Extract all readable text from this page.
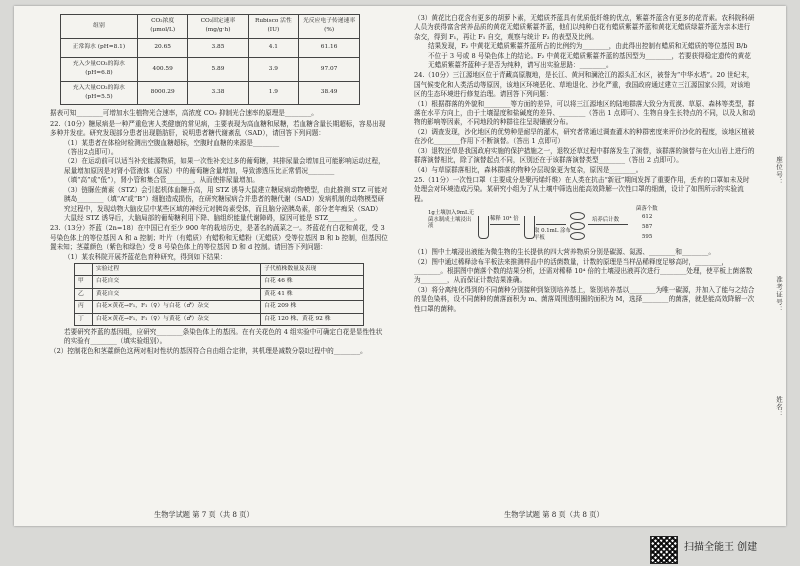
组别	CO₂浓度 (μmol/L)	CO₂固定速率 (mg/g·h)	Rubisco 活性 (IU)	光反应电子传递速率 (%)
正常海水 (pH=8.1)	20.65	3.85	4.1	61.16
充入少量CO₂的海水 (pH=6.8)	400.59	5.89	3.9	97.07
充入大量CO₂的海水 (pH=5.5)	8000.29	3.38	1.9	38.49
据表可知________可增加水生植物光合速率，高浓度 CO₂ 抑制光合速率的原理是________。

22.（10分）糖尿病是一种严重危害人类健康的常见病，主要表现为高血糖和尿糖，若血糖含量长期超标，容易出现多种并发症。研究发现部分患者出现脂肪肝，说明患者糖代谢紊乱（SAD），请回答下列问题：

（1）某患者在体检时检测出空腹血糖超标，空腹时血糖的来源是________

（答出2点即可）。

（2）在运动前可以适当补充能源物质，如果一次性补充过多的葡萄糖，其排尿量会增加且可能影响运动过程，尿量增加原因是对肾小管液体（原尿）中的葡萄糖含量增加，导致渗透压比正常情况________（填“高”或“低”），肾小管和集合管________，从而使排尿量增加。

（3）链脲佐菌素（STZ）会引起机体血糖升高，用 STZ 诱导大鼠建立糖尿病动物模型，由此推测 STZ 可能对胰岛________（填“A”或“B”）细胞造成损伤，在研究糖尿病合并患者的糖代谢（SAD）发病机制的动物模型研究过程中，发现动物大脑皮层中某些区域的神经元对胰岛素受体，而且脑分泌胰岛素，部分老年痴呆（SAD）大鼠经 STZ 诱导后，大脑局部的葡萄糖利用下降、脑组织能量代谢障碍，原因可能是 STZ________。

23.（13分）芥蓝（2n=18）在中国已有至少 900 年的栽培历史，是著名的蔬菜之一。芥蓝花有白花和黄花，受 3 号染色体上的等位基因 A 和 a 控制；叶片（有蜡质）有蜡粉和无蜡粉（无蜡质）受等位基因 B 和 b 控制，但基因位置未知；茎薹颜色（紫色和绿色）受 8 号染色体上的等位基因 D 和 d 控制。请回答下列问题：

（1）某农科院开展芥蓝花色育种研究，得到如下结果：

	实验过程	子代植株数量及表现
甲	白花自交	白花 46 株
乙	黄花自交	黄花 41 株
丙	白花×黄花→F₁，F₁（♀）与白花（♂）杂交	白花 209 株
丁	白花×黄花→F₁，F₁（♀）与黄花（♂）杂交	白花 120 株、黄花 92 株

若要研究芥蓝的基因组，应研究________条染色体上的基因。在有关花色的 4 组实验中可确定白花是显性性状的实验有________（填实验组别）。

（2）控制花色和茎薹颜色这两对相对性状的基因符合自由组合定律，其机理是减数分裂Ⅰ过程中的________。

（3）黄花比白花含有更多的胡萝卜素，无蜡质芥蓝具有优质低纤维的优点，紫薹芥蓝含有更多的花青素。农科院科研人员为获得富含营养品质的黄花无蜡质紫薹芥蓝，他们以纯种白花有蜡质紫薹芥蓝和黄花无蜡质绿薹芥蓝为亲本进行杂交，得到 F₁，再让 F₁ 自交，观察与统计 F₂ 的表型及比例。

结果发现，F₂ 中黄花无蜡质紫薹芥蓝所占的比例约为________，由此得出控制有蜡质和无蜡质的等位基因 B/b 不位于 3 号或 8 号染色体上的结论。F₂ 中黄花无蜡质紫薹芥蓝的基因型为________，若要获得稳定遗传的黄花无蜡质紫薹芥蓝种子是否为纯种，请写出实验思路：________。

24.（10分）三江源地区位于青藏高原腹地，是长江、黄河和澜沧江的源头汇水区，被誉为“中华水塔”。20 世纪末，国气候变化和人类活动等原因，该地区环境恶化、草地退化、沙化严重，我国政府通过建立三江源国家公园，对该地区的生态环境进行修复治理。请回答下列问题：

（1）根据群落的外貌和________等方面的差异，可以将三江源地区的陆地群落大致分为荒漠、草原、森林等类型，群落在水平方向上，由于土壤湿度和盐碱度的差异、________（答出 1 点即可）、生物自身生长特点的不同，以及人和动物的影响等因素，不同地段的种群往往呈现镶嵌分布。

（2）调查发现，沙化地区的优势种是耐旱的灌木，研究者常通过调查灌木的种群密度来评价沙化的程度，该地区植被在沙化________作用下不断演替。（答出 1 点即可）

（3）退牧还草是我国政府实施的保护措施之一，退牧还草过程中群落发生了演替，该群落的演替与在火山岩上进行的群落演替相比，除了演替起点不同，区别还在于该群落演替类型________（答出 2 点即可）。

（4）与草原群落相比，森林群落的物种分层现象更为复杂，原因是________。

25.（11分）一次性口罩（主要成分是聚丙烯纤维）在人类在抗击“新冠”期间发挥了重要作用，丢弃的口罩如未及时处理会对环境造成污染。某研究小组为了从土壤中筛选出能高效降解一次性口罩的细菌，设计了如图所示的实验流程。

1g土壤加入9mL无菌水制成土壤浸出液
稀释 10⁴ 倍
取 0.1mL 涂布平板
培养后计数
菌落个数
612
587
595

（1）图中土壤浸出液能为微生物的生长提供的四大营养物质分别是碳源、氮源、________和________。

（2）图中通过稀释涂布平板法来推测样品中的活菌数量，计数的原理是当样品稀释度足够高时，________，________。根据图中菌落个数的结果分析，还需对稀释 10⁴ 倍的土壤浸出液再次进行________处理，使平板上菌落数为________，从而保证计数结果准确。

（3）将分离纯化得到的不同菌种分别接种到鉴别培养基上，鉴别培养基以________为唯一碳源，并加入了能与之结合的显色染料，设不同菌种的菌落面积为 m、菌落周围透明圈的面积为 M，选择________的菌落，就是能高效降解一次性口罩的菌种。

生物学试题 第 7 页（共 8 页）	生物学试题 第 8 页（共 8 页）
座位号：
准考证号：
姓名：
扫描全能王 创建
